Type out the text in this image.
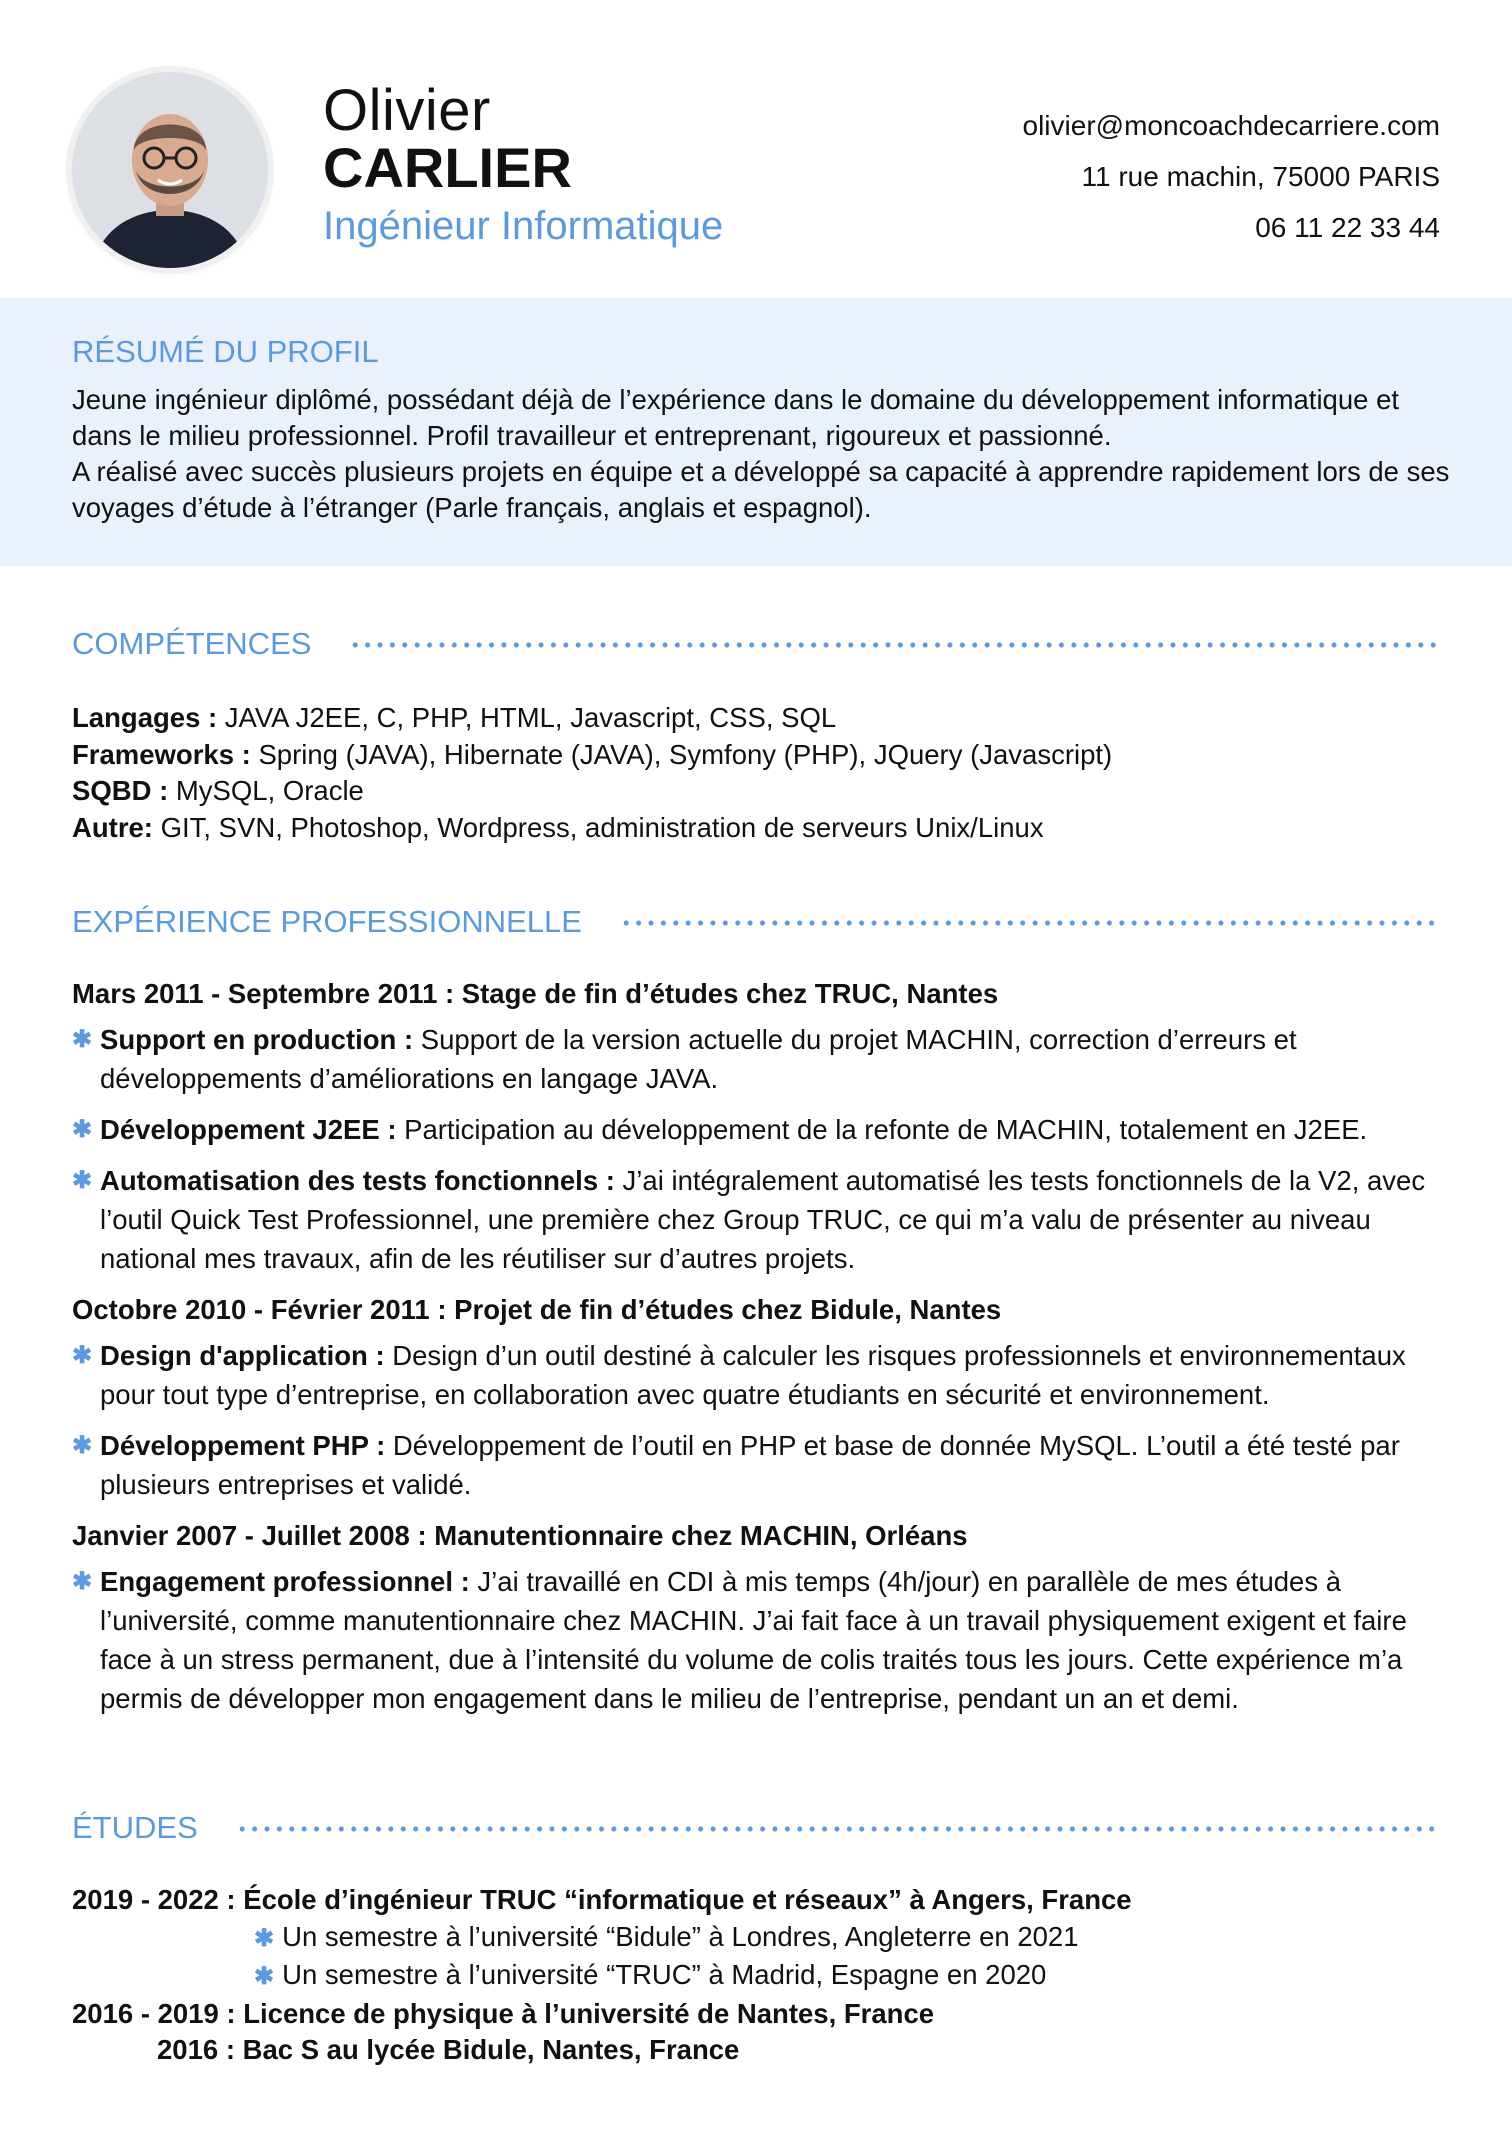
Olivier
CARLIER
Ingénieur Informatique
olivier@moncoachdecarriere.com
11 rue machin, 75000 PARIS
06 11 22 33 44
RÉSUMÉ DU PROFIL
Jeune ingénieur diplômé, possédant déjà de l’expérience dans le domaine du développement informatique et dans le milieu professionnel. Profil travailleur et entreprenant, rigoureux et passionné.
A réalisé avec succès plusieurs projets en équipe et a développé sa capacité à apprendre rapidement lors de ses voyages d’étude à l’étranger (Parle français, anglais et espagnol).
COMPÉTENCES
Langages : JAVA J2EE, C, PHP, HTML, Javascript, CSS, SQL
Frameworks : Spring (JAVA), Hibernate (JAVA), Symfony (PHP), JQuery (Javascript)
SQBD : MySQL, Oracle
Autre: GIT, SVN, Photoshop, Wordpress, administration de serveurs Unix/Linux
EXPÉRIENCE PROFESSIONNELLE
Mars 2011 - Septembre 2011 : Stage de fin d’études chez TRUC, Nantes
✱ Support en production : Support de la version actuelle du projet MACHIN, correction d’erreurs et développements d’améliorations en langage JAVA.
✱ Développement J2EE : Participation au développement de la refonte de MACHIN, totalement en J2EE.
✱ Automatisation des tests fonctionnels : J’ai intégralement automatisé les tests fonctionnels de la V2, avec l’outil Quick Test Professionnel, une première chez Group TRUC, ce qui m’a valu de présenter au niveau national mes travaux, afin de les réutiliser sur d’autres projets.
Octobre 2010 - Février 2011 : Projet de fin d’études chez Bidule, Nantes
✱ Design d'application : Design d’un outil destiné à calculer les risques professionnels et environnementaux pour tout type d’entreprise, en collaboration avec quatre étudiants en sécurité et environnement.
✱ Développement PHP : Développement de l’outil en PHP et base de donnée MySQL. L’outil a été testé par plusieurs entreprises et validé.
Janvier 2007 - Juillet 2008 : Manutentionnaire chez MACHIN, Orléans
✱ Engagement professionnel : J’ai travaillé en CDI à mis temps (4h/jour) en parallèle de mes études à l’université, comme manutentionnaire chez MACHIN. J’ai fait face à un travail physiquement exigent et faire face à un stress permanent, due à l’intensité du volume de colis traités tous les jours. Cette expérience m’a permis de développer mon engagement dans le milieu de l’entreprise, pendant un an et demi.
ÉTUDES
2019 - 2022 : École d’ingénieur TRUC “informatique et réseaux” à Angers, France
✱ Un semestre à l’université “Bidule” à Londres, Angleterre en 2021
✱ Un semestre à l’université “TRUC” à Madrid, Espagne en 2020
2016 - 2019 : Licence de physique à l’université de Nantes, France
2016 : Bac S au lycée Bidule, Nantes, France
